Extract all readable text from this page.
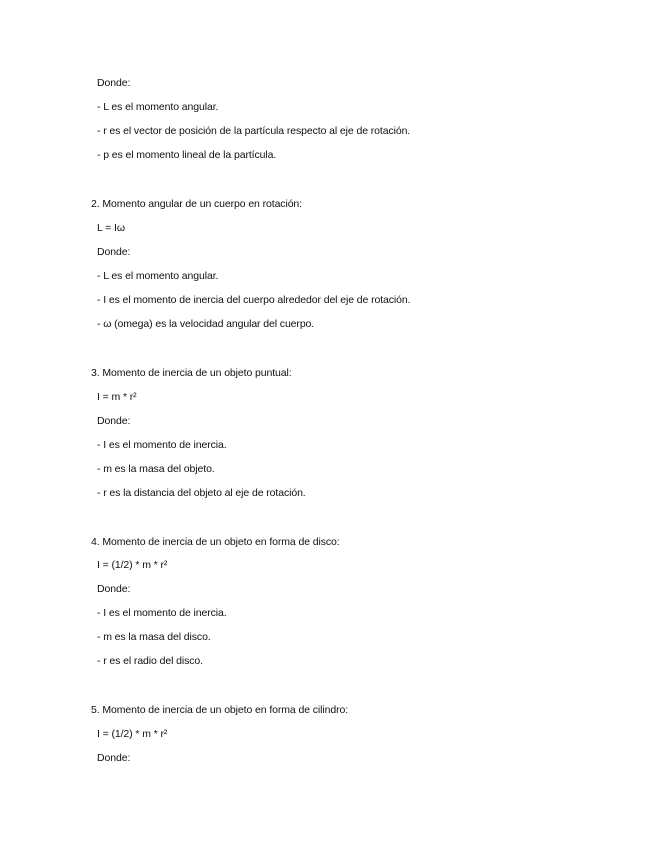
Donde:
- L es el momento angular.
- r es el vector de posición de la partícula respecto al eje de rotación.
- p es el momento lineal de la partícula.
2. Momento angular de un cuerpo en rotación:
L = Iω
Donde:
- L es el momento angular.
- I es el momento de inercia del cuerpo alrededor del eje de rotación.
- ω (omega) es la velocidad angular del cuerpo.
3. Momento de inercia de un objeto puntual:
I = m * r²
Donde:
- I es el momento de inercia.
- m es la masa del objeto.
- r es la distancia del objeto al eje de rotación.
4. Momento de inercia de un objeto en forma de disco:
I = (1/2) * m * r²
Donde:
- I es el momento de inercia.
- m es la masa del disco.
- r es el radio del disco.
5. Momento de inercia de un objeto en forma de cilindro:
I = (1/2) * m * r²
Donde:
